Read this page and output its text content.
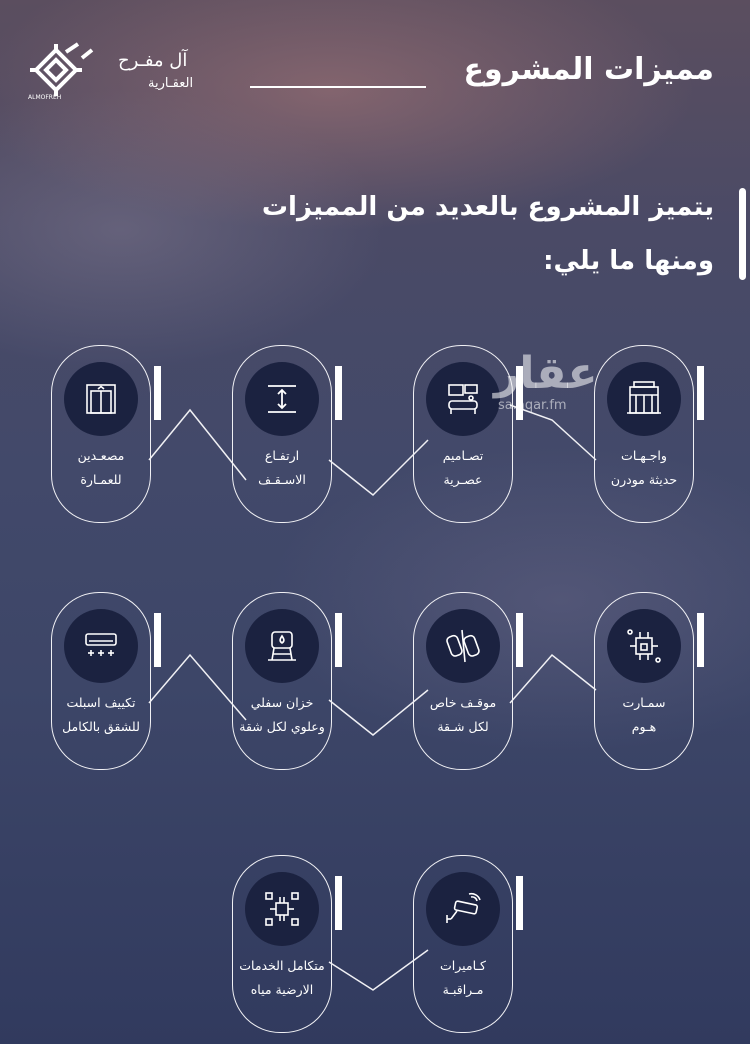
ALMOFREH
آل مفـرح
العقـارية	مميزات المشروع
يتميز المشروع بالعديد من المميزات
ومنها ما يلي:
واجـهـات
حديثة مودرن
تصـاميم
عصـرية
ارتفـاع
الاسـقـف
مصعـدين
للعمـارة
سمـارت
هـوم
موقـف خاص
لكل شـقة
خزان سفلي
وعلوي لكل شقة
تكييف اسبلت
للشقق بالكامل
كـاميرات
مـراقبـة
متكامل الخدمات
الارضية مياه
عقار
sa.aqar.fm
